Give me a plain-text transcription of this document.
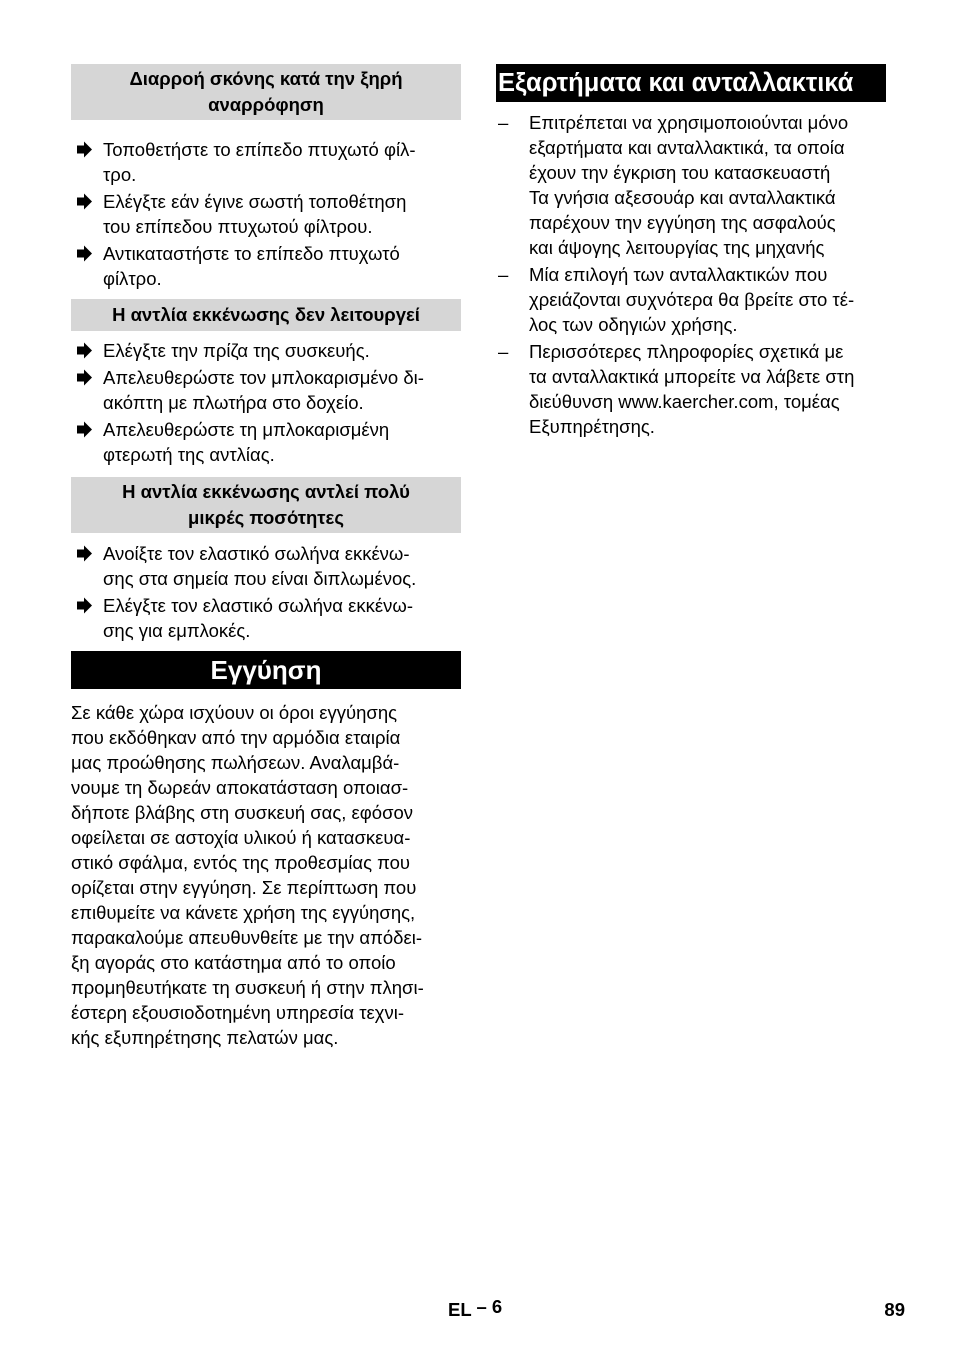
Διαρροή σκόνης κατά την ξηρή
αναρρόφηση
Τοποθετήστε το επίπεδο πτυχωτό φίλ-
τρο.
Ελέγξτε εάν έγινε σωστή τοποθέτηση
του επίπεδου πτυχωτού φίλτρου.
Αντικαταστήστε το επίπεδο πτυχωτό
φίλτρο.
Η αντλία εκκένωσης δεν λειτουργεί
Ελέγξτε την πρίζα της συσκευής.
Απελευθερώστε τον μπλοκαρισμένο δι-
ακόπτη με πλωτήρα στο δοχείο.
Απελευθερώστε τη μπλοκαρισμένη
φτερωτή της αντλίας.
Η αντλία εκκένωσης αντλεί πολύ
μικρές ποσότητες
Ανοίξτε τον ελαστικό σωλήνα εκκένω-
σης στα σημεία που είναι διπλωμένος.
Ελέγξτε τον ελαστικό σωλήνα εκκένω-
σης για εμπλοκές.
Εγγύηση

Σε κάθε χώρα ισχύουν οι όροι εγγύησης

που εκδόθηκαν από την αρμόδια εταιρία

μας προώθησης πωλήσεων. Αναλαμβά-

νουμε τη δωρεάν αποκατάσταση οποιασ-

δήποτε βλάβης στη συσκευή σας, εφόσον

οφείλεται σε αστοχία υλικού ή κατασκευα-

στικό σφάλμα, εντός της προθεσμίας που

ορίζεται στην εγγύηση. Σε περίπτωση που

επιθυμείτε να κάνετε χρήση της εγγύησης,

παρακαλούμε απευθυνθείτε με την απόδει-

ξη αγοράς στο κατάστημα από το οποίο

προμηθευτήκατε τη συσκευή ή στην πλησι-

έστερη εξουσιοδοτημένη υπηρεσία τεχνι-

κής εξυπηρέτησης πελατών μας.

Εξαρτήματα και ανταλλακτικά
–	Επιτρέπεται να χρησιμοποιούνται μόνο
εξαρτήματα και ανταλλακτικά, τα οποία
έχουν την έγκριση του κατασκευαστή
Τα γνήσια αξεσουάρ και ανταλλακτικά
παρέχουν την εγγύηση της ασφαλούς
και άψογης λειτουργίας της μηχανής
–	Μία επιλογή των ανταλλακτικών που
χρειάζονται συχνότερα θα βρείτε στο τέ-
λος των οδηγιών χρήσης.
–	Περισσότερες πληροφορίες σχετικά με
τα ανταλλακτικά μπορείτε να λάβετε στη
διεύθυνση www.kaercher.com, τομέας
Εξυπηρέτησης.
EL – 6	89
